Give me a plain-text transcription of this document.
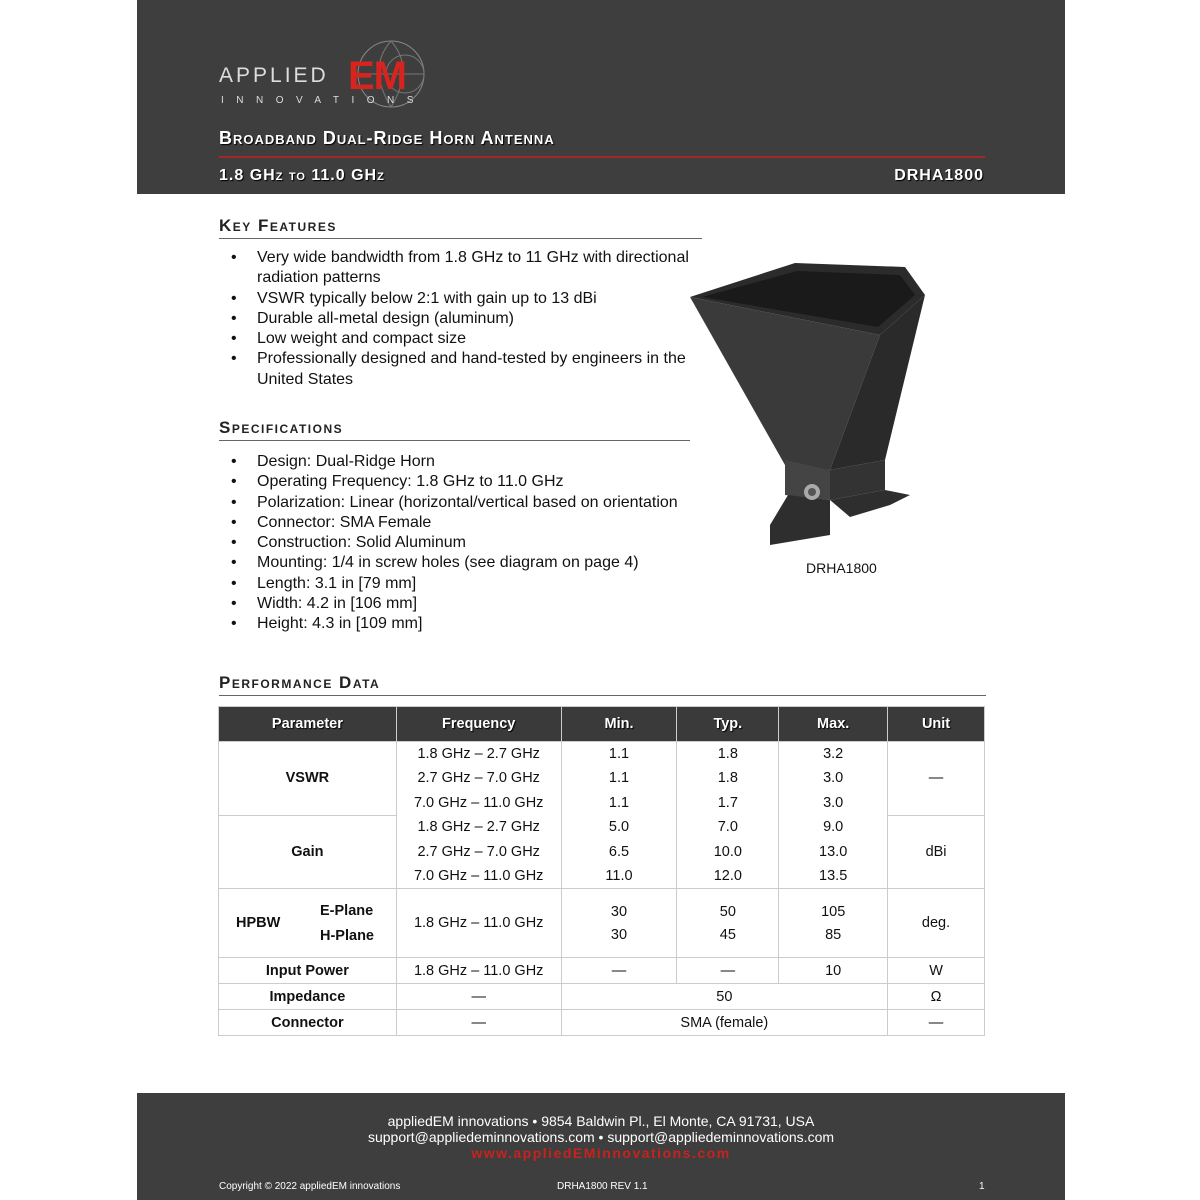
APPLIED EM
INNOVATIONS
Broadband Dual-Ridge Horn Antenna
1.8 GHz to 11.0 GHz	DRHA1800
Key Features
• Very wide bandwidth from 1.8 GHz to 11 GHz with directional radiation patterns
• VSWR typically below 2:1 with gain up to 13 dBi
• Durable all-metal design (aluminum)
• Low weight and compact size
• Professionally designed and hand-tested by engineers in the United States
Specifications
• Design: Dual-Ridge Horn
• Operating Frequency: 1.8 GHz to 11.0 GHz
• Polarization: Linear (horizontal/vertical based on orientation
• Connector: SMA Female
• Construction: Solid Aluminum
• Mounting: 1/4 in screw holes (see diagram on page 4)
• Length: 3.1 in [79 mm]
• Width: 4.2 in [106 mm]
• Height: 4.3 in [109 mm]
DRHA1800
Performance Data
Parameter	Frequency	Min.	Typ.	Max.	Unit
VSWR	1.8 GHz – 2.7 GHz	1.1	1.8	3.2	—
2.7 GHz – 7.0 GHz	1.1	1.8	3.0
7.0 GHz – 11.0 GHz	1.1	1.7	3.0
Gain	1.8 GHz – 2.7 GHz	5.0	7.0	9.0	dBi
2.7 GHz – 7.0 GHz	6.5	10.0	13.0
7.0 GHz – 11.0 GHz	11.0	12.0	13.5

HPBW
E-Plane
H-Plane
	1.8 GHz – 11.0 GHz	
30
30

50
45

105
85
	deg.
Input Power	1.8 GHz – 11.0 GHz	—	—	10	W
Impedance	—	50	Ω
Connector	—	SMA (female)	—
appliedEM innovations • 9854 Baldwin Pl., El Monte, CA 91731, USA
support@appliedeminnovations.com • support@appliedeminnovations.com
www.appliedEMinnovations.com
Copyright © 2022 appliedEM innovations	DRHA1800 REV 1.1	1
